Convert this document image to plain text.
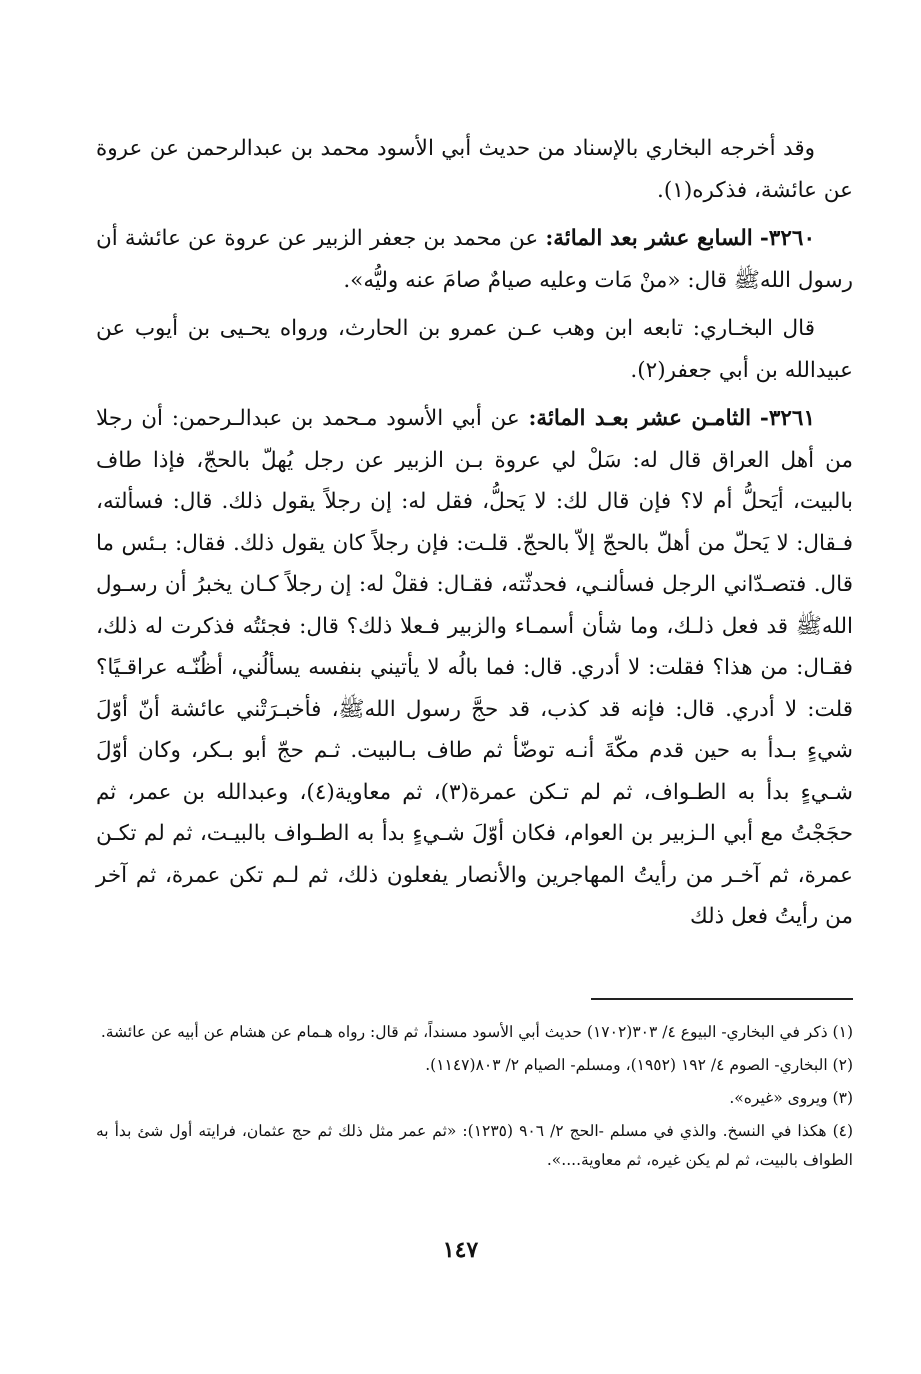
وقد أخرجه البخاري بالإسناد من حديث أبي الأسود محمد بن عبدالرحمن عن عروة عن عائشة، فذكره(١).

٣٢٦٠- السابع عشر بعد المائة: عن محمد بن جعفر الزبير عن عروة عن عائشة أن رسول اللهﷺ قال: «منْ مَات وعليه صيامٌ صامَ عنه وليُّه».

قال البخـاري: تابعه ابن وهب عـن عمرو بن الحارث، ورواه يحـيى بن أيوب عن عبيدالله بن أبي جعفر(٢).

٣٢٦١- الثامـن عشر بعـد المائة: عن أبي الأسود مـحمد بن عبدالـرحمن: أن رجلا من أهل العراق قال له: سَلْ لي عروة بـن الزبير عن رجل يُهلّ بالحجّ، فإذا طاف بالبيت، أيَحلُّ أم لا؟ فإن قال لك: لا يَحلُّ، فقل له: إن رجلاً يقول ذلك. قال: فسألته، فـقال: لا يَحلّ من أهلّ بالحجّ إلاّ بالحجّ. قلـت: فإن رجلاً كان يقول ذلك. فقال: بـئس ما قال. فتصـدّاني الرجل فسألنـي، فحدثّته، فقـال: فقلْ له: إن رجلاً كـان يخبرُ أن رسـول اللهﷺ قد فعل ذلـك، وما شأن أسمـاء والزبير فـعلا ذلك؟ قال: فجئتُه فذكرت له ذلك، فقـال: من هذا؟ فقلت: لا أدري. قال: فما بالُه لا يأتيني بنفسه يسألُني، أظُنّـه عراقـيًا؟ قلت: لا أدري. قال: فإنه قد كذب، قد حجَّ رسول اللهﷺ، فأخبـرَتْني عائشة أنّ أوّلَ شيءٍ بـدأ به حين قدم مكّةَ أنـه توضّأ ثم طاف بـالبيت. ثـم حجّ أبو بـكر، وكان أوّلَ شـيءٍ بدأ به الطـواف، ثم لم تـكن عمرة(٣)، ثم معاوية(٤)، وعبدالله بن عمر، ثم حجَجْتُ مع أبي الـزبير بن العوام، فكان أوّلَ شـيءٍ بدأ به الطـواف بالبيـت، ثم لم تكـن عمرة، ثم آخـر من رأيتُ المهاجرين والأنصار يفعلون ذلك، ثم لـم تكن عمرة، ثم آخر من رأيتُ فعل ذلك

(١) ذكر في البخاري- البيوع ٤/ ٣٠٣(١٧٠٢) حديث أبي الأسود مسنداً، ثم قال: رواه هـمام عن هشام عن أبيه عن عائشة.

(٢) البخاري- الصوم ٤/ ١٩٢ (١٩٥٢)، ومسلم- الصيام ٢/ ٨٠٣(١١٤٧).

(٣) ويروى «غيره».

(٤) هكذا في النسخ. والذي في مسلم -الحج ٢/ ٩٠٦ (١٢٣٥): «ثم عمر مثل ذلك ثم حج عثمان، فرايته أول شئ بدأ به الطواف بالبيت، ثم لم يكن غيره، ثم معاوية....».

١٤٧
